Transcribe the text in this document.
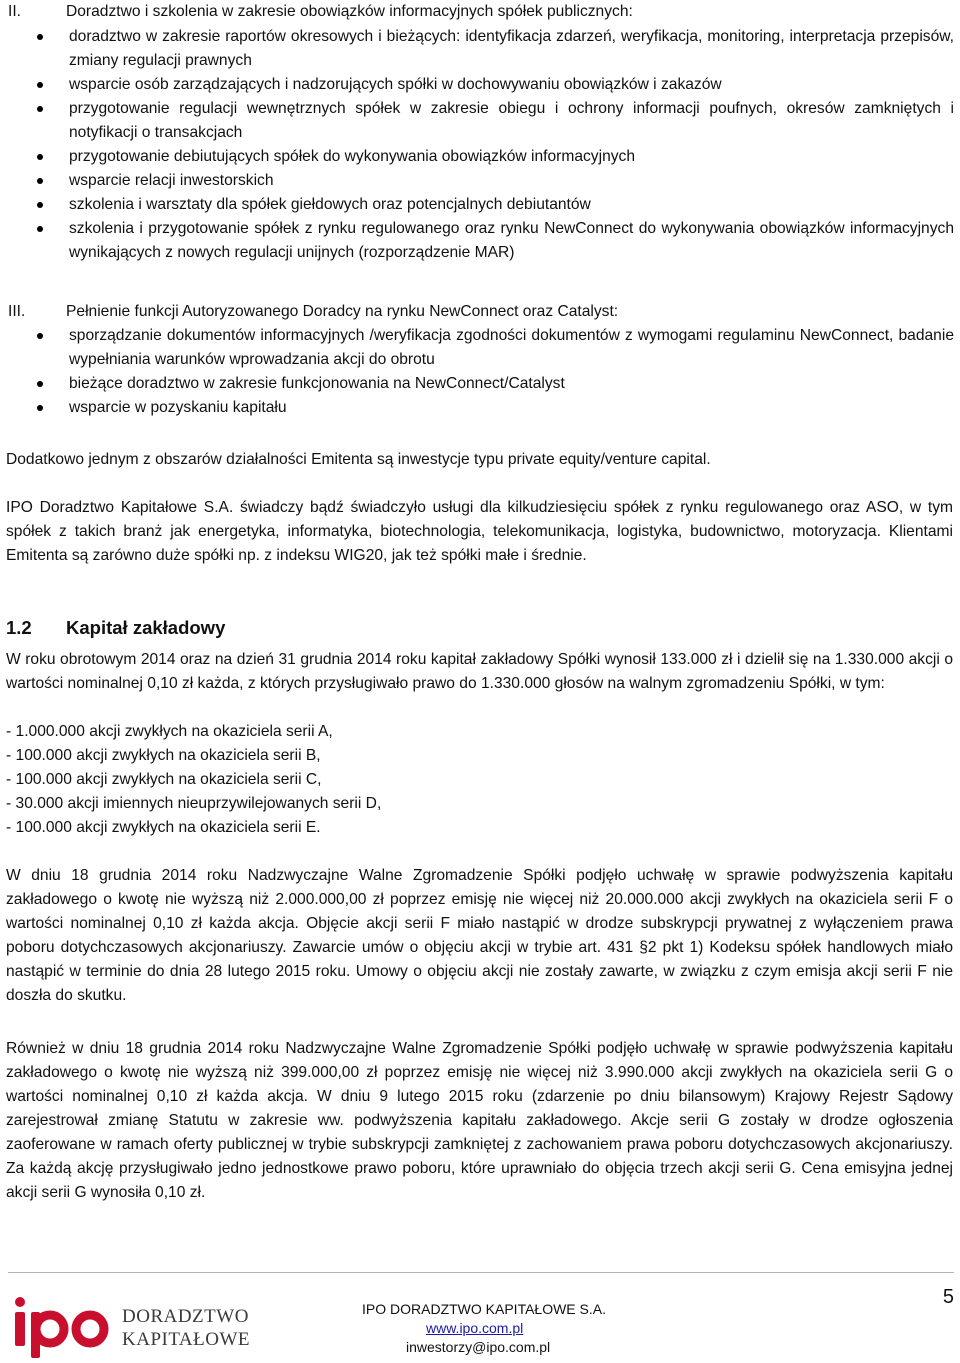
II.	Doradztwo i szkolenia w zakresie obowiązków informacyjnych spółek publicznych:
doradztwo w zakresie raportów okresowych i bieżących: identyfikacja zdarzeń, weryfikacja, monitoring, interpretacja przepisów, zmiany regulacji prawnych
wsparcie osób zarządzających i nadzorujących spółki w dochowywaniu obowiązków i zakazów
przygotowanie regulacji wewnętrznych spółek w zakresie obiegu i ochrony informacji poufnych, okresów zamkniętych i notyfikacji o transakcjach
przygotowanie debiutujących spółek do wykonywania obowiązków informacyjnych
wsparcie relacji inwestorskich
szkolenia i warsztaty dla spółek giełdowych oraz potencjalnych debiutantów
szkolenia i przygotowanie spółek z rynku regulowanego oraz rynku NewConnect do wykonywania obowiązków informacyjnych wynikających z nowych regulacji unijnych (rozporządzenie MAR)
III.	Pełnienie funkcji Autoryzowanego Doradcy na rynku NewConnect oraz Catalyst:
sporządzanie dokumentów informacyjnych /weryfikacja zgodności dokumentów z wymogami regulaminu NewConnect, badanie wypełniania warunków wprowadzania akcji do obrotu
bieżące doradztwo w zakresie funkcjonowania na NewConnect/Catalyst
wsparcie w pozyskaniu kapitału

Dodatkowo jednym z obszarów działalności Emitenta są inwestycje typu private equity/venture capital.

IPO Doradztwo Kapitałowe S.A. świadczy bądź świadczyło usługi dla kilkudziesięciu spółek z rynku regulowanego oraz ASO, w tym spółek z takich branż jak energetyka, informatyka, biotechnologia, telekomunikacja, logistyka, budownictwo, motoryzacja. Klientami Emitenta są zarówno duże spółki np. z indeksu WIG20, jak też spółki małe i średnie.

1.2 Kapitał zakładowy

W roku obrotowym 2014 oraz na dzień 31 grudnia 2014 roku kapitał zakładowy Spółki wynosił 133.000 zł i dzielił się na 1.330.000 akcji o wartości nominalnej 0,10 zł każda, z których przysługiwało prawo do 1.330.000 głosów na walnym zgromadzeniu Spółki, w tym:

- 1.000.000 akcji zwykłych na okaziciela serii A,
- 100.000 akcji zwykłych na okaziciela serii B,
- 100.000 akcji zwykłych na okaziciela serii C,
- 30.000 akcji imiennych nieuprzywilejowanych serii D,
- 100.000 akcji zwykłych na okaziciela serii E.

W dniu 18 grudnia 2014 roku Nadzwyczajne Walne Zgromadzenie Spółki podjęło uchwałę w sprawie podwyższenia kapitału zakładowego o kwotę nie wyższą niż 2.000.000,00 zł poprzez emisję nie więcej niż 20.000.000 akcji zwykłych na okaziciela serii F o wartości nominalnej 0,10 zł każda akcja. Objęcie akcji serii F miało nastąpić w drodze subskrypcji prywatnej z wyłączeniem prawa poboru dotychczasowych akcjonariuszy. Zawarcie umów o objęciu akcji w trybie art. 431 §2 pkt 1) Kodeksu spółek handlowych miało nastąpić w terminie do dnia 28 lutego 2015 roku. Umowy o objęciu akcji nie zostały zawarte, w związku z czym emisja akcji serii F nie doszła do skutku.

Również w dniu 18 grudnia 2014 roku Nadzwyczajne Walne Zgromadzenie Spółki podjęło uchwałę w sprawie podwyższenia kapitału zakładowego o kwotę nie wyższą niż 399.000,00 zł poprzez emisję nie więcej niż 3.990.000 akcji zwykłych na okaziciela serii G o wartości nominalnej 0,10 zł każda akcja. W dniu 9 lutego 2015 roku (zdarzenie po dniu bilansowym) Krajowy Rejestr Sądowy zarejestrował zmianę Statutu w zakresie ww. podwyższenia kapitału zakładowego. Akcje serii G zostały w drodze ogłoszenia zaoferowane w ramach oferty publicznej w trybie subskrypcji zamkniętej z zachowaniem prawa poboru dotychczasowych akcjonariuszy. Za każdą akcję przysługiwało jedno jednostkowe prawo poboru, które uprawniało do objęcia trzech akcji serii G. Cena emisyjna jednej akcji serii G wynosiła 0,10 zł.

DORADZTWO
KAPITAŁOWE
IPO DORADZTWO KAPITAŁOWE S.A.
www.ipo.com.pl
inwestorzy@ipo.com.pl
5
